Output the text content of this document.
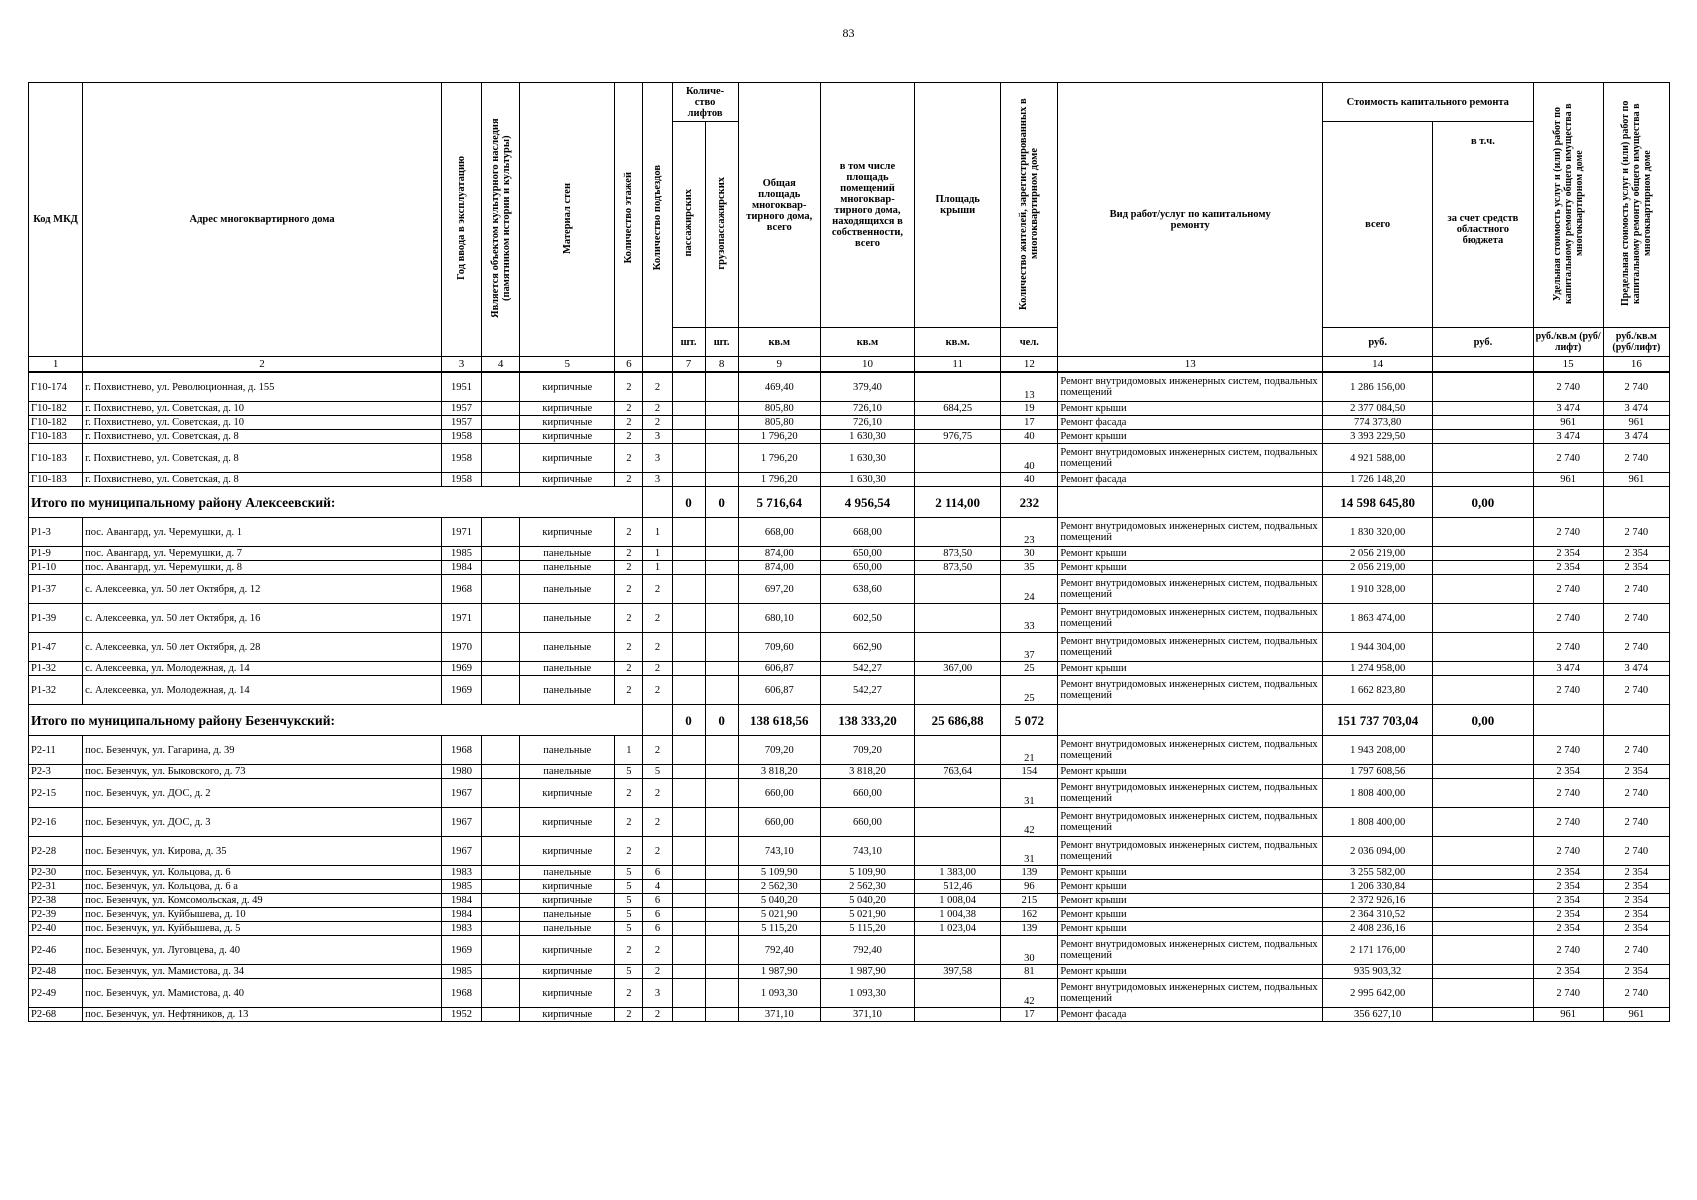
83
Код МКД	Адрес многоквартирного дома	Год ввода в эксплуатацию	Является объектом культурного наследия (памятником истории и культуры)	Материал стен	Количество этажей	Количество подъездов	Количе-ство лифтов		Общая площадь многоквар-тирного дома, всего	в том числе площадь помещений многоквар-тирного дома, находящихся в собственности, всего	Площадь крыши	Количество жителей, зарегистрированных в многоквартирном доме	Вид работ/услуг по капитальному ремонту	Стоимость капитального ремонта		Удельная стоимость услуг и (или) работ по капитальному ремонту общего имущества в многоквартирном доме	Предельная стоимость услуг и (или) работ по капитальному ремонту общего имущества в многоквартирном доме
							пассажирских	грузопассажирских						всего	в т.ч.
за счет средств областного бюджета		

							шт.	шт.	кв.м	кв.м	кв.м.	чел.		руб.	руб.	руб./кв.м (руб/лифт)	руб./кв.м (руб/лифт)
1	2	3	4	5	6		7	8	9	10	11	12	13	14		15	16
Г10-174	г. Похвистнево, ул. Революционная, д. 155	1951		кирпичные	2	2			469,40	379,40		13	Ремонт внутридомовых инженерных систем, подвальных помещений	1 286 156,00		2 740	2 740
Г10-182	г. Похвистнево, ул. Советская, д. 10	1957		кирпичные	2	2			805,80	726,10	684,25	19	Ремонт крыши	2 377 084,50		3 474	3 474
Г10-182	г. Похвистнево, ул. Советская, д. 10	1957		кирпичные	2	2			805,80	726,10		17	Ремонт фасада	774 373,80		961	961
Г10-183	г. Похвистнево, ул. Советская, д. 8	1958		кирпичные	2	3			1 796,20	1 630,30	976,75	40	Ремонт крыши	3 393 229,50		3 474	3 474
Г10-183	г. Похвистнево, ул. Советская, д. 8	1958		кирпичные	2	3			1 796,20	1 630,30		40	Ремонт внутридомовых инженерных систем, подвальных помещений	4 921 588,00		2 740	2 740
Г10-183	г. Похвистнево, ул. Советская, д. 8	1958		кирпичные	2	3			1 796,20	1 630,30		40	Ремонт фасада	1 726 148,20		961	961
Итого по муниципальному району Алексеевский:							0	0	5 716,64	4 956,54	2 114,00	232		14 598 645,80	0,00		
Р1-3	пос. Авангард, ул. Черемушки, д. 1	1971		кирпичные	2	1			668,00	668,00		23	Ремонт внутридомовых инженерных систем, подвальных помещений	1 830 320,00		2 740	2 740
Р1-9	пос. Авангард, ул. Черемушки, д. 7	1985		панельные	2	1			874,00	650,00	873,50	30	Ремонт крыши	2 056 219,00		2 354	2 354
Р1-10	пос. Авангард, ул. Черемушки, д. 8	1984		панельные	2	1			874,00	650,00	873,50	35	Ремонт крыши	2 056 219,00		2 354	2 354
Р1-37	с. Алексеевка, ул. 50 лет Октября, д. 12	1968		панельные	2	2			697,20	638,60		24	Ремонт внутридомовых инженерных систем, подвальных помещений	1 910 328,00		2 740	2 740
Р1-39	с. Алексеевка, ул. 50 лет Октября, д. 16	1971		панельные	2	2			680,10	602,50		33	Ремонт внутридомовых инженерных систем, подвальных помещений	1 863 474,00		2 740	2 740
Р1-47	с. Алексеевка, ул. 50 лет Октября, д. 28	1970		панельные	2	2			709,60	662,90		37	Ремонт внутридомовых инженерных систем, подвальных помещений	1 944 304,00		2 740	2 740
Р1-32	с. Алексеевка, ул. Молодежная, д. 14	1969		панельные	2	2			606,87	542,27	367,00	25	Ремонт крыши	1 274 958,00		3 474	3 474
Р1-32	с. Алексеевка, ул. Молодежная, д. 14	1969		панельные	2	2			606,87	542,27		25	Ремонт внутридомовых инженерных систем, подвальных помещений	1 662 823,80		2 740	2 740
Итого по муниципальному району Безенчукский:							0	0	138 618,56	138 333,20	25 686,88	5 072		151 737 703,04	0,00		
Р2-11	пос. Безенчук, ул. Гагарина, д. 39	1968		панельные	1	2			709,20	709,20		21	Ремонт внутридомовых инженерных систем, подвальных помещений	1 943 208,00		2 740	2 740
Р2-3	пос. Безенчук, ул. Быковского, д. 73	1980		панельные	5	5			3 818,20	3 818,20	763,64	154	Ремонт крыши	1 797 608,56		2 354	2 354
Р2-15	пос. Безенчук, ул. ДОС, д. 2	1967		кирпичные	2	2			660,00	660,00		31	Ремонт внутридомовых инженерных систем, подвальных помещений	1 808 400,00		2 740	2 740
Р2-16	пос. Безенчук, ул. ДОС, д. 3	1967		кирпичные	2	2			660,00	660,00		42	Ремонт внутридомовых инженерных систем, подвальных помещений	1 808 400,00		2 740	2 740
Р2-28	пос. Безенчук, ул. Кирова, д. 35	1967		кирпичные	2	2			743,10	743,10		31	Ремонт внутридомовых инженерных систем, подвальных помещений	2 036 094,00		2 740	2 740
Р2-30	пос. Безенчук, ул. Кольцова, д. 6	1983		панельные	5	6			5 109,90	5 109,90	1 383,00	139	Ремонт крыши	3 255 582,00		2 354	2 354
Р2-31	пос. Безенчук, ул. Кольцова, д. 6 а	1985		кирпичные	5	4			2 562,30	2 562,30	512,46	96	Ремонт крыши	1 206 330,84		2 354	2 354
Р2-38	пос. Безенчук, ул. Комсомольская, д. 49	1984		кирпичные	5	6			5 040,20	5 040,20	1 008,04	215	Ремонт крыши	2 372 926,16		2 354	2 354
Р2-39	пос. Безенчук, ул. Куйбышева, д. 10	1984		панельные	5	6			5 021,90	5 021,90	1 004,38	162	Ремонт крыши	2 364 310,52		2 354	2 354
Р2-40	пос. Безенчук, ул. Куйбышева, д. 5	1983		панельные	5	6			5 115,20	5 115,20	1 023,04	139	Ремонт крыши	2 408 236,16		2 354	2 354
Р2-46	пос. Безенчук, ул. Луговцева, д. 40	1969		кирпичные	2	2			792,40	792,40		30	Ремонт внутридомовых инженерных систем, подвальных помещений	2 171 176,00		2 740	2 740
Р2-48	пос. Безенчук, ул. Мамистова, д. 34	1985		кирпичные	5	2			1 987,90	1 987,90	397,58	81	Ремонт крыши	935 903,32		2 354	2 354
Р2-49	пос. Безенчук, ул. Мамистова, д. 40	1968		кирпичные	2	3			1 093,30	1 093,30		42	Ремонт внутридомовых инженерных систем, подвальных помещений	2 995 642,00		2 740	2 740
Р2-68	пос. Безенчук, ул. Нефтяников, д. 13	1952		кирпичные	2	2			371,10	371,10		17	Ремонт фасада	356 627,10		961	961
